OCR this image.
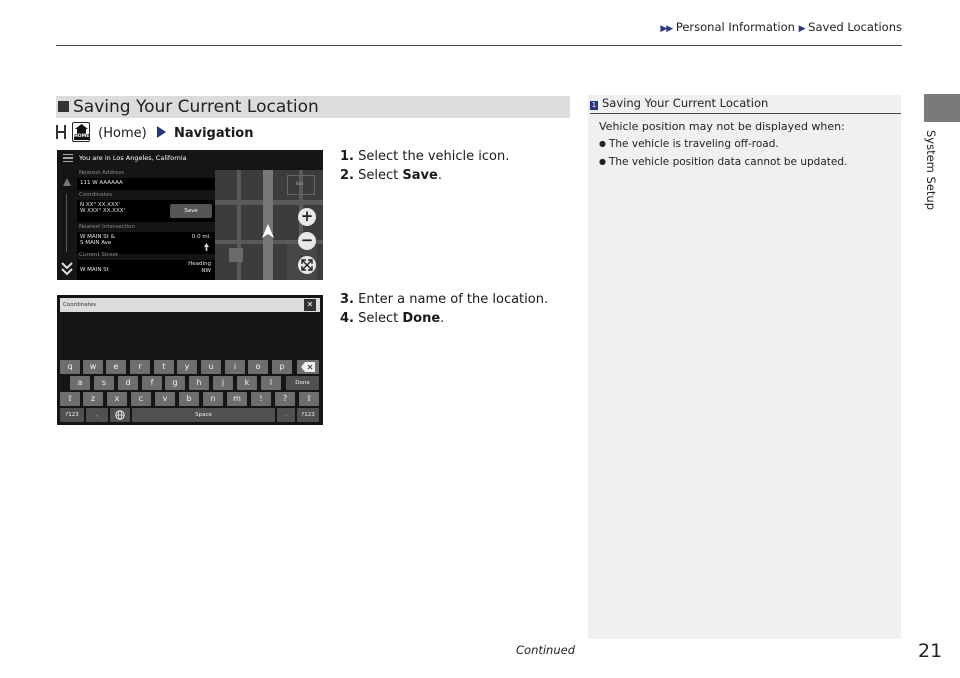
▶▶ Personal Information ▶ Saved Locations
System Setup
Saving Your Current Location
HOME (Home) Navigation
You are in Los Angeles, California
Nearest Address
111 W AAAAAA
Coordinates
N XX° XX.XXX'
W XXX° XX.XXX'	Save
Nearest Intersection
W MAIN St &
S MAIN Ave
0.0 mi.
Current Street
W MAIN St
Heading
NW
Bus
+
−
Coordinates	✕
q	w	e	r	t	y	u	i	o	p
a	s	d	f	g	h	j	k	l	Done
⇧	z	x	c	v	b	n	m	!	?	⇧
?123	,	Space	.	?123
1. Select the vehicle icon.
2. Select Save.
3. Enter a name of the location.
4. Select Done.
1 Saving Your Current Location
Vehicle position may not be displayed when:
● The vehicle is traveling off-road.
● The vehicle position data cannot be updated.
Continued	21
